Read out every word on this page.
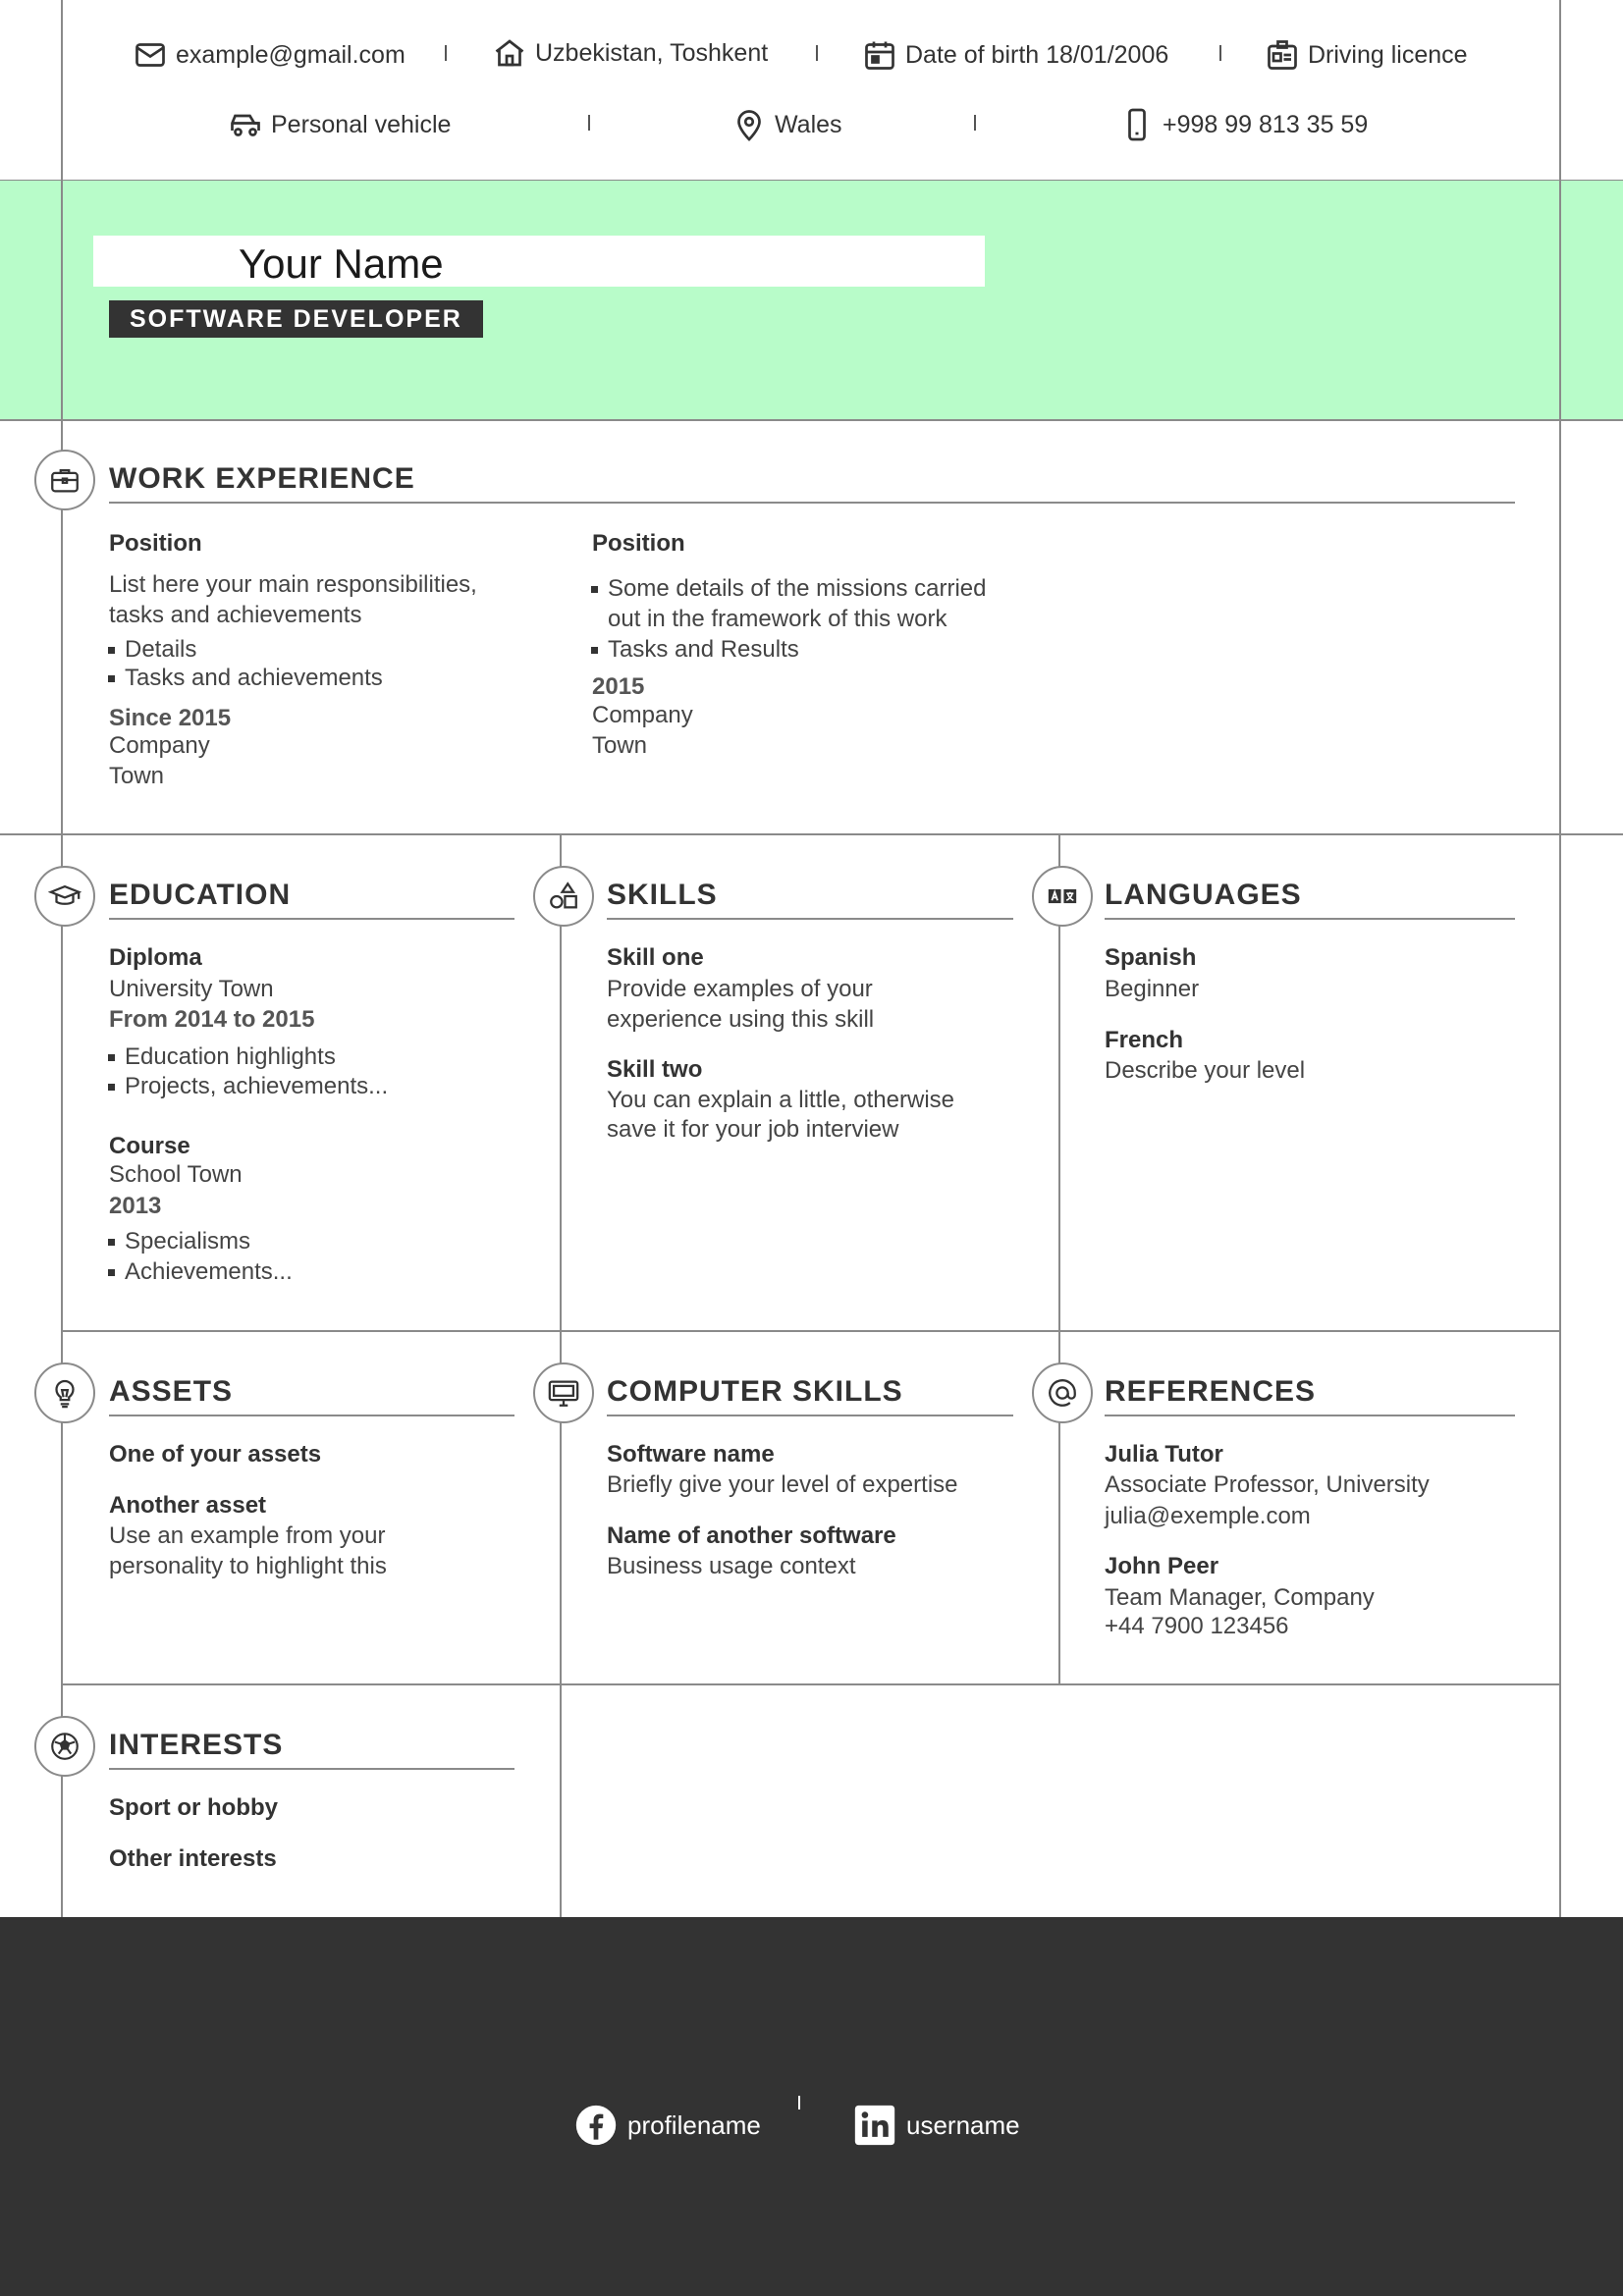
example@gmail.com	Uzbekistan, Toshkent	Date of birth 18/01/2006	Driving licence
Personal vehicle	Wales	+998 99 813 35 59
Your Name
SOFTWARE DEVELOPER
WORK EXPERIENCE
Position
List here your main responsibilities,
tasks and achievements
Details
Tasks and achievements
Since 2015
Company
Town
Position
Some details of the missions carried
out in the framework of this work
Tasks and Results
2015
Company
Town
EDUCATION
Diploma
University Town
From 2014 to 2015
Education highlights
Projects, achievements...
Course
School Town
2013
Specialisms
Achievements...
SKILLS
Skill one
Provide examples of your
experience using this skill
Skill two
You can explain a little, otherwise
save it for your job interview
LANGUAGES
Spanish
Beginner
French
Describe your level
ASSETS
One of your assets
Another asset
Use an example from your
personality to highlight this
COMPUTER SKILLS
Software name
Briefly give your level of expertise
Name of another software
Business usage context
REFERENCES
Julia Tutor
Associate Professor, University
julia@exemple.com
John Peer
Team Manager, Company
+44 7900 123456
INTERESTS
Sport or hobby
Other interests
profilename	username
